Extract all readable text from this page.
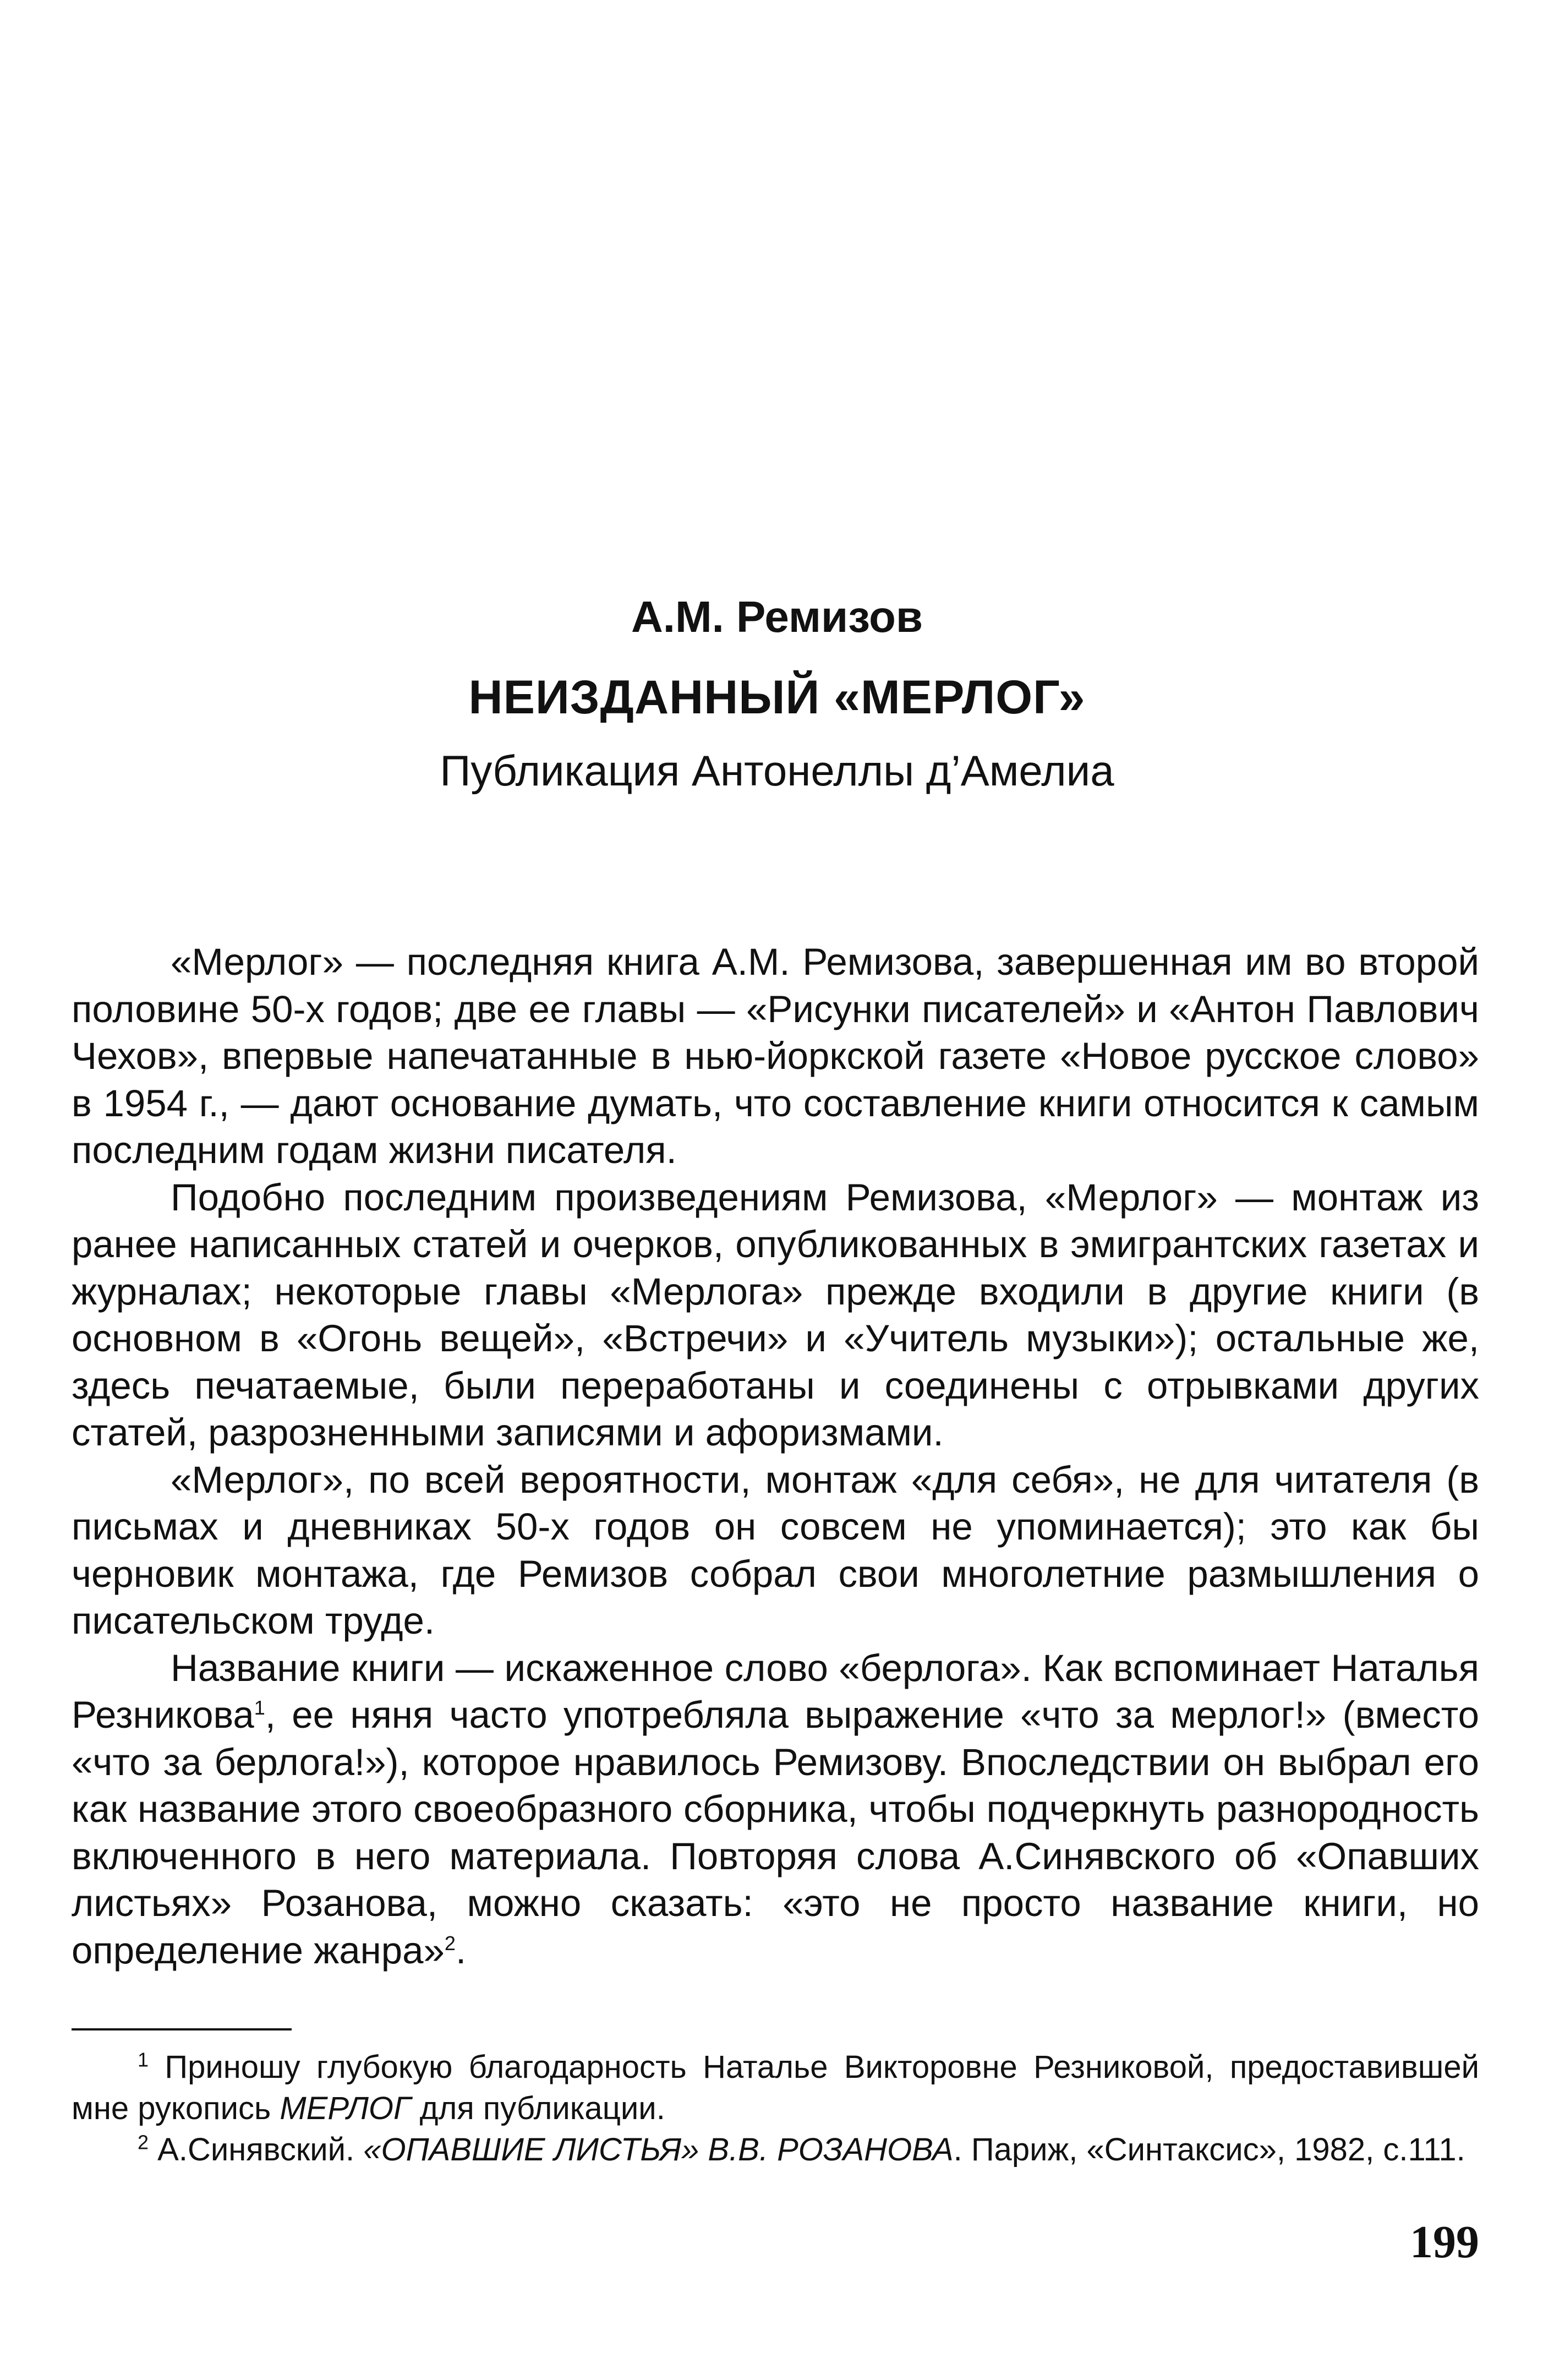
А.М. Ремизов
НЕИЗДАННЫЙ «МЕРЛОГ»
Публикация Антонеллы д’Амелиа

«Мерлог» — последняя книга А.М. Ремизова, завершенная им во второй половине 50-х годов; две ее главы — «Рисунки писателей» и «Антон Павлович Чехов», впервые напечатанные в нью-йоркской газете «Новое русское слово» в 1954 г., — дают основание думать, что составление книги относится к самым последним годам жизни писателя.

Подобно последним произведениям Ремизова, «Мерлог» — монтаж из ранее написанных статей и очерков, опубликованных в эмигрантских газетах и журналах; некоторые главы «Мерлога» прежде входили в другие книги (в основном в «Огонь вещей», «Встречи» и «Учитель музыки»); остальные же, здесь печатаемые, были переработаны и соединены с отрывками других статей, разрозненными записями и афоризмами.

«Мерлог», по всей вероятности, монтаж «для себя», не для читателя (в письмах и дневниках 50-х годов он совсем не упоминается); это как бы черновик монтажа, где Ремизов собрал свои многолетние размышления о писательском труде.

Название книги — искаженное слово «берлога». Как вспоминает Наталья Резникова$^1$, ее няня часто употребляла выражение «что за мерлог!» (вместо «что за берлога!»), которое нравилось Ремизову. Впоследствии он выбрал его как название этого своеобразного сборника, чтобы подчеркнуть разнородность включенного в него материала. Повторяя слова А.Синявского об «Опавших листьях» Розанова, можно сказать: «это не просто название книги, но определение жанра»$^2$.

$^1$ Приношу глубокую благодарность Наталье Викторовне Резниковой, предоставившей мне рукопись МЕРЛОГ для публикации.

$^2$ А.Синявский. «ОПАВШИЕ ЛИСТЬЯ» В.В. РОЗАНОВА. Париж, «Синтаксис», 1982, с.111.

199
